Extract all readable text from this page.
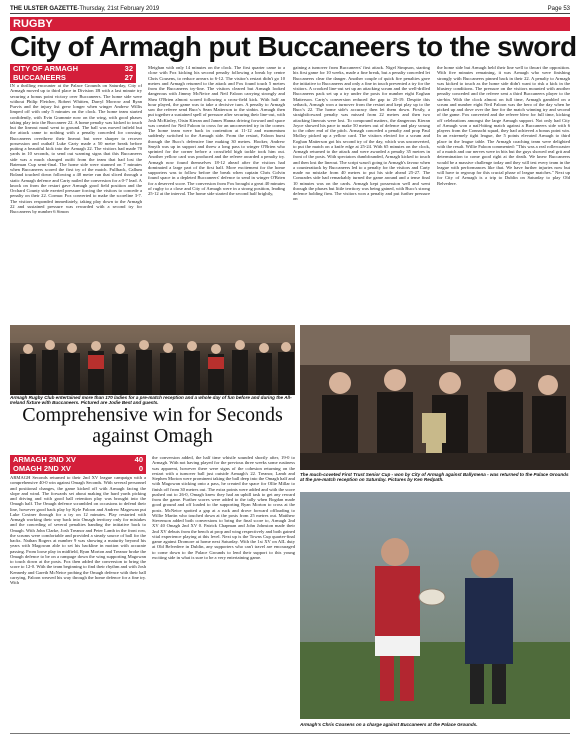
THE ULSTER GAZETTE-Thursday, 21st February 2019	Page 53
RUGBY
City of Armagh put Buccaneers to the sword
CITY OF ARMAGH	32
BUCCANEERS	27

IN a thrilling encounter at the Palace Grounds on Saturday, City of Armagh moved up to third place in Division 1B with a last minute try securing a bonus point victory over Buccaneers. The home side were without Philip Fletcher, Robert Whitten, Darryl Morrow and Ryan Purvis and the injury list grew longer when winger Andrew Willis limped off with only 5 minutes on the clock. The home team started confidently, with Evin Grammie now on the wing, with good phases taking play into the Buccaneer 22. A home penalty was kicked to touch but the lineout maul went to ground. The ball was moved infield but the attack came to nothing with a penalty conceded for crossing. Buccaneers overthrew their lineout but were sharper to recover possession and outhalf Luke Carty made a 50 metre break before putting a beautiful kick into the Armagh 22. The visitors had made 70 yards in 10 seconds, to send out warning signs that this Buccaneers side was a much changed outfit from the team that had lost the Bateman Cup semi-final. The home side were stunned on 7 minutes when Buccaneers scored the first try of the match. Fullback, Callum Boland touched down following a 40 metre run that sliced through a static Armagh defence and Carty nailed the conversion for a 0-7 lead. A knock on from the restart gave Armagh good field position and the Orchard County side exerted pressure forcing the visitors to concede a penalty on their 22. Cormac Fox converted to make the scoreline 3-7. The visitors responded immediately, taking play down to the Armagh 22 and sustained pressure was rewarded with a second try for Buccaneers by number 6 Simon

Meighan with only 14 minutes on the clock. The first quarter came to a close with Fox kicking his second penalty following a break by centre Chris Cousens, to reduce arrears to 6-12. The visitor's restart didn't go 10 metres and Armagh returned to the attack and Fox found touch 5 metres from the Buccaneers try-line. The visitors cleared but Armagh looked dangerous with Jimmy McNeice and Neil Faloon carrying strongly and Shea O'Brien almost scored following a cross-field kick. With half an hour played, the game was to take a decisive turn. A penalty to Armagh saw the referee send Bucc's Sean Matterson to the sinbin. Armagh then put together a sustained spell of pressure after securing their line-out, with Josh McKinley, Oisin Kieran and James Hanna driving forward and space was created for Neil Faloon to cross for an unconverted try in the corner. The home team were back in contention at 11-12 and momentum suddenly switched to the Armagh side. From the restart, Faloon burst through the Bucc's defensive line making 30 metres. Hooker, Andrew Smyth was up in support and threw a long pass to winger O'Brien who sprinted for the corner before a crossfield high tackle took him out. Another yellow card was produced and the referee awarded a penalty try. Armagh now found themselves 18-12 ahead after the visitors had dominated a large part of the first half. More excitement for the home supporters was to follow before the break when captain Chris Colvin found space in a depleted Buccaneers' defence to send in winger O'Brien for a deserved score. The conversion from Fox brought a great 40 minutes of rugby to a close and City of Armagh were in a strong position, leading 25-12 at the interval. The home side started the second half brightly,

gaining a turnover from Buccaneers' first attack. Nigel Simpson, starting his first game for 10 weeks, made a fine break, but a penalty conceded let Buccaneers clear the danger. Another couple of quick fire penalties gave the initiative to Buccaneers and only a fine in touch prevented a try for the visitors. A crooked line-out set up an attacking scrum and the well-drilled Buccaneers pack set up a try under the posts for number eight Eoghan Matterson. Carty's conversion reduced the gap to 25-19. Despite this setback, Armagh won a turnover from the restart and kept play up to the Bucc's 22. The home side's accuracy then let them down. Firstly, a straightforward penalty was missed from 22 metres and then two attacking lineouts were lost. To compound matters, the dangerous Kieran Joyce showed his pace to make 50 metres out of defence and play swung to the other end of the pitch. Armagh conceded a penalty and prop Paul Molloy picked up a yellow card. The visitors elected for a scrum and Eoghan Matterson got his second try of the day, which was unconverted, to put the match on a knife edge at 25-24. With 65 minutes on the clock, Armagh returned to the attack and were awarded a penalty 35 metres in front of the posts. With spectators dumbfounded, Armagh kicked to touch and then lost the lineout. The script wasn't going to Armagh's favour when a counterattack by Buccaneers led to a penalty for the visitors and Carty made no mistake from 40 metres to put his side ahead 25-27. The Comrades side had remarkably turned the game around and a tense final 10 minutes was on the cards. Armagh kept possession well and went through the phases but little territory was being gained, with Bucc's strong defence holding firm. The visitors won a penalty and put further pressure on

the home side but Armagh held their line well to thwart the opposition. With five minutes remaining, it was Armagh who were finishing strongly with Buccaneers pinned back in their 22. A penalty to Armagh was kicked to touch as the home side didn't want to risk a kick in the blustery conditions. The pressure on the visitors mounted with another penalty conceded and the referee sent a third Buccaneers player to the sin-bin. With the clock almost on full time, Armagh gambled on a scrum and number eight Neil Faloon was the hero of the day when he picked up and dove over the line for the match winning try and second of the game. Fox converted and the referee blew for full time, kicking off celebrations amongst the large Armagh support. Not only had City of Armagh won a nail-biting match against a Buccaneers side with 6 players from the Connacht squad, they had achieved a bonus point win. In an extremely tight league, the 5 points elevated Armagh to third place in the league table. The Armagh coaching team were delighted with the result. Willie Faloon commented: "This was a real rollercoaster of a match and our nerves were in bits but the guys showed real grit and determination to come good right at the death. We knew Buccaneers would be a massive challenge today and they will test every team in the league with performances like that. We have further injuries now but will have to regroup for this crucial phase of league matches." Next up for City of Armagh is a trip to Dublin on Saturday to play Old Belvedere.

Armagh Rugby Club entertained more than 170 ladies for a pre-match reception and a whole day of fun before and during the All-Ireland fixture with Buccaneers. Pictured are Jodie Best and guests.
The much-coveted First Trust Senior Cup - won by City of Armagh against Ballymena - was returned to the Palace Grounds at the pre-match reception on Saturday. Pictures by Ken Redpath.
Comprehensive win for Seconds against Omagh
ARMAGH 2ND XV	40
OMAGH 2ND XV	0

ARMAGH Seconds returned to their 2nd XV league campaign with a comprehensive 40-0 win against Omagh Seconds. With several personnel and positional changes, the game kicked off with Armagh facing the slope and wind. The forwards set about making the hard yards picking and driving and with good ball retention play was brought into the Omagh half. The Omagh defence scrambled on occasions to defend their line, however good back play by Kyle Faloon and Andrew Magowan put Luke Costner through for a try on 12 minutes. Play restarted with Armagh working their way back into Omagh territory only for mistakes and the conceding of several penalties handing the initiative back to Omagh. With John Clarke, Josh Treanor and Peter Lamb in the front row, the scrums were comfortable and provided a steady source of ball for the backs. Nathan Rogers at number 9 was showing a maturity beyond his years with Magowan able to set his backline in motion with accurate passing. From loose play in midfield, Ryan Morton and Treanor broke the Omagh defence to be on a rampage down the wing supporting Magowan to touch down at the posts. Fox then added the conversion to bring the score to 12-0. With the team beginning to find their rhythm and with Josh Kennedy and Gareth McNeice probing the Omagh defence with their ball carrying, Faloon weaved his way through the home defence for a fine try. With

the conversion added, the half time whistle sounded shortly after, 19-0 to Armagh. With not having played for the previous three weeks some rustiness was apparent, however there were signs of the cohesion returning on the restart with a turnover ball just outside Armagh's 22. Treanor, Lamb and Stephen Morton were prominent taking the ball deep into the Omagh half and with Magowan sticking onto a pass, he created the space for Ollie Millar to finish off from 30 metres out. The extra points were added and with the score pushed out to 26-0, Omagh knew they had an uphill task to get any reward from the game. Further scores were added to the tally when Bogdan made good ground and off loaded to the supporting Ryan Morton to cross at the posts. McNeice spotted a gap at a ruck and drove forward offloading to Willie Martin who touched down at the posts from 25 metres out. Matthew Stevenson added both conversions to bring the final score to, Armagh 2nd XV 40 Omagh 2nd XV 0. Patrick Chapman and John Johnston made their 2nd XV debuts from the bench at prop and wing respectively and both gained vital experience playing at this level. Next up is the Towns Cup quarter-final game against Dromore at home next Saturday. With the 1st XV on AIL duty at Old Belvedere in Dublin, any supporters who can't travel are encouraged to come down to the Palace Grounds to lend their support to this young exciting side in what is sure to be a very entertaining game.

Armagh's Chris Cousens on a charge against Buccaneers at the Palace Grounds.
